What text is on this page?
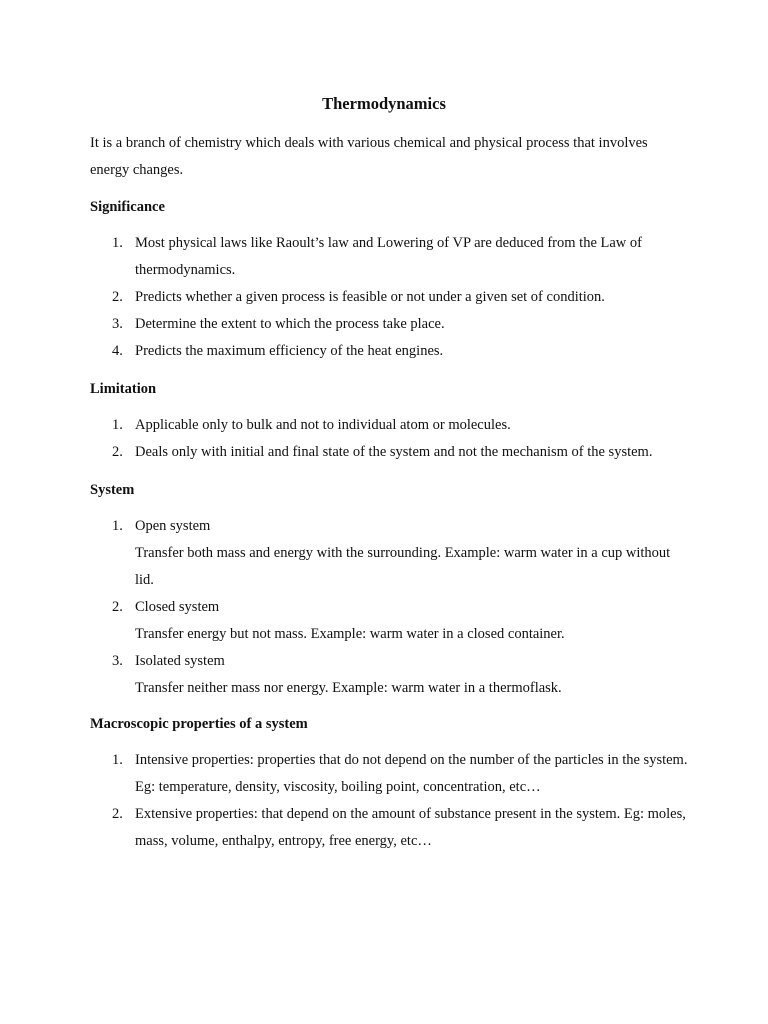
Thermodynamics
It is a branch of chemistry which deals with various chemical and physical process that involves energy changes.
Significance
1. Most physical laws like Raoult’s law and Lowering of VP are deduced from the Law of thermodynamics.
2. Predicts whether a given process is feasible or not under a given set of condition.
3. Determine the extent to which the process take place.
4. Predicts the maximum efficiency of the heat engines.
Limitation
1. Applicable only to bulk and not to individual atom or molecules.
2. Deals only with initial and final state of the system and not the mechanism of the system.
System
1. Open system
Transfer both mass and energy with the surrounding. Example: warm water in a cup without lid.
2. Closed system
Transfer energy but not mass. Example: warm water in a closed container.
3. Isolated system
Transfer neither mass nor energy. Example: warm water in a thermoflask.
Macroscopic properties of a system
1. Intensive properties: properties that do not depend on the number of the particles in the system. Eg: temperature, density, viscosity, boiling point, concentration, etc…
2. Extensive properties: that depend on the amount of substance present in the system. Eg: moles, mass, volume, enthalpy, entropy, free energy, etc…
